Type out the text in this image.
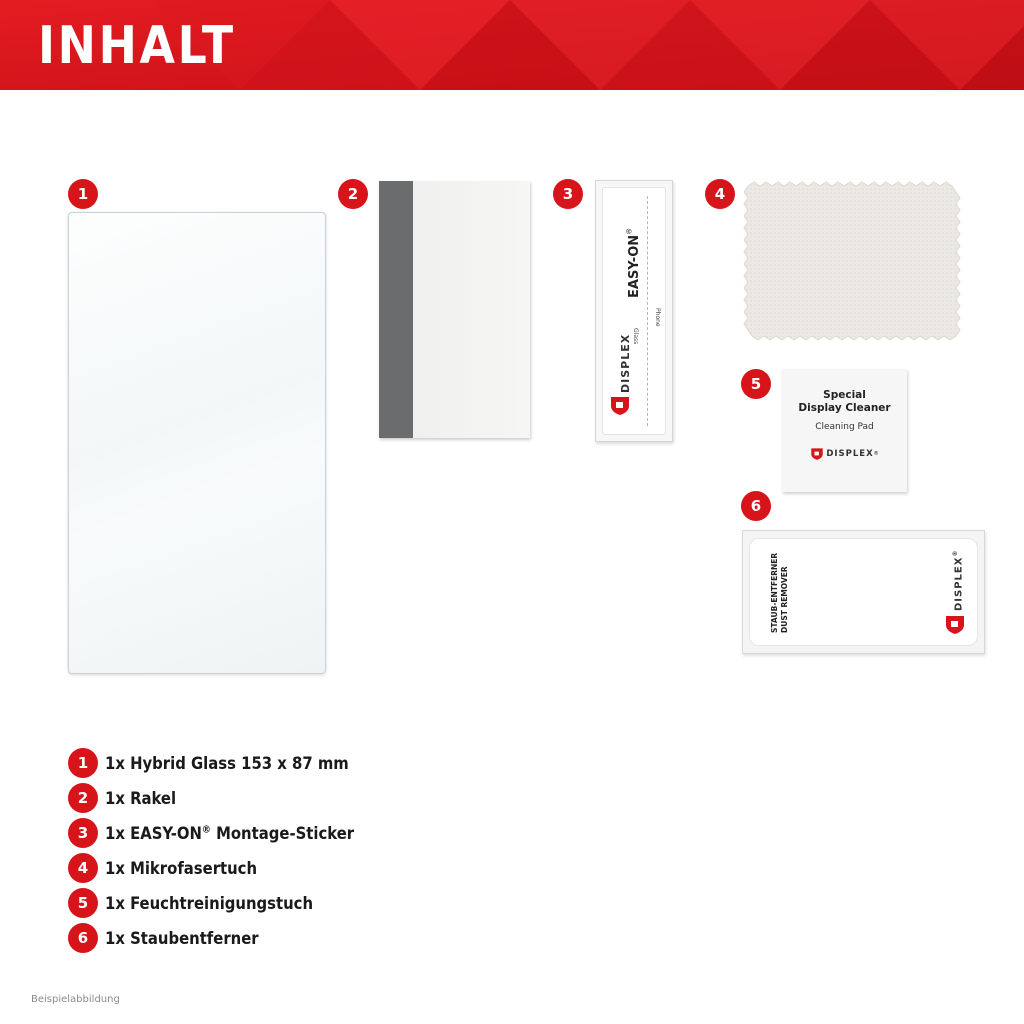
INHALT
1	2	3
EASY-ON®
Glass
Phone
DISPLEX
4
5
Special
Display Cleaner
Cleaning Pad
DISPLEX ®
6
STAUB-ENTFERNER DUST REMOVER	DISPLEX®
1	1x Hybrid Glass 153 x 87 mm
2	1x Rakel
3	1x EASY-ON® Montage-Sticker
4	1x Mikrofasertuch
5	1x Feuchtreinigungstuch
6	1x Staubentferner
Beispielabbildung
